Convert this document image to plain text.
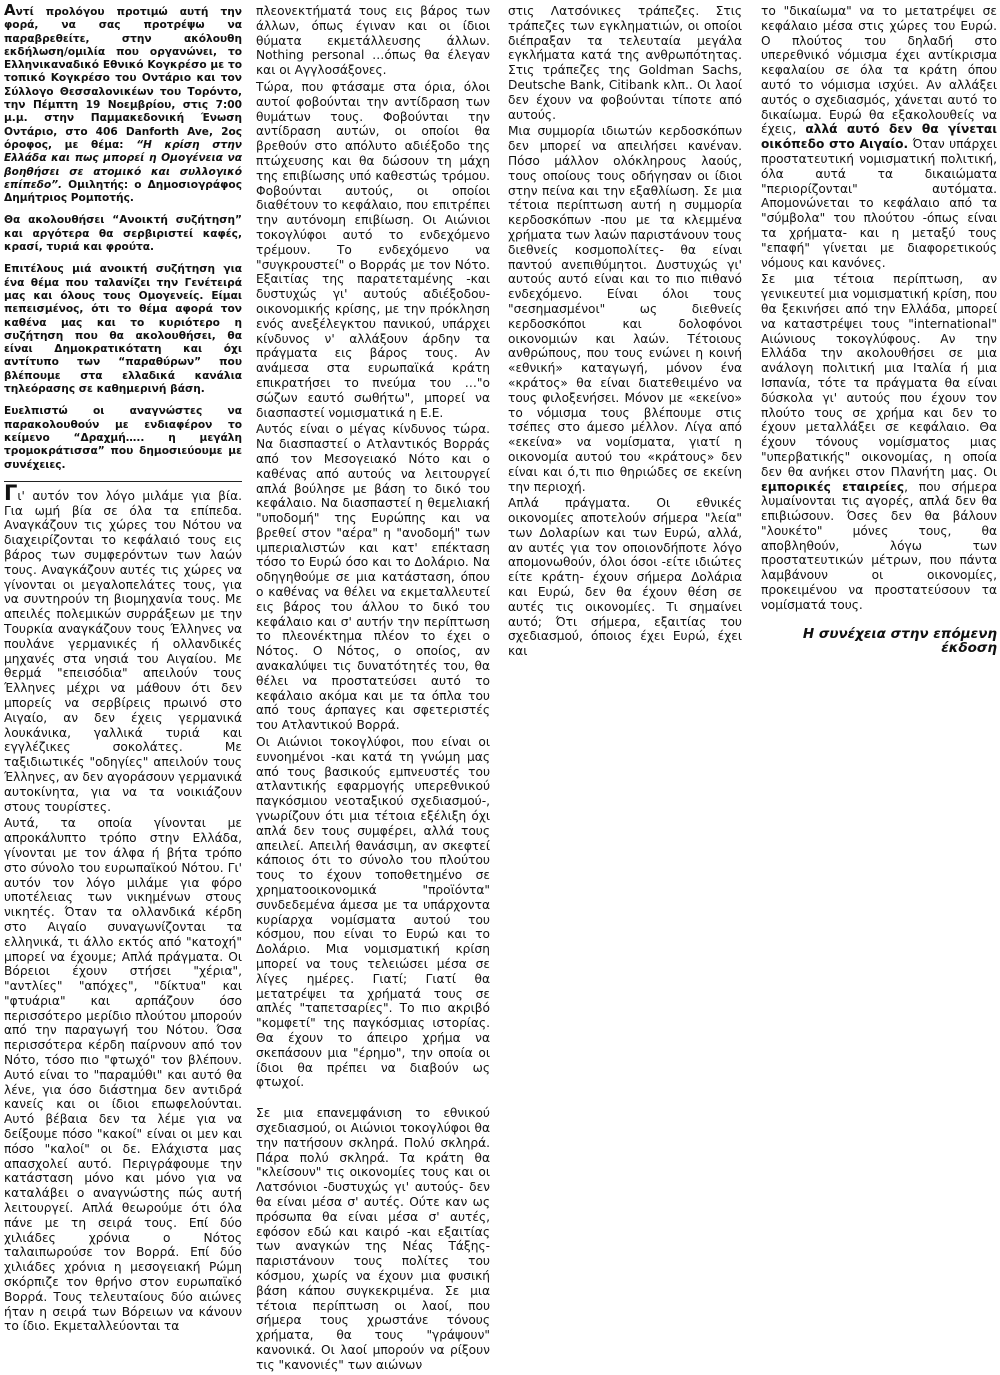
Αντί προλόγου προτιμώ αυτή την φορά, να σας προτρέψω να παραβρεθείτε, στην ακόλουθη εκδήλωση/ομιλία που οργανώνει, το Ελληνικαναδικό Εθνικό Κογκρέσο με το τοπικό Κογκρέσο του Οντάριο και τον Σύλλογο Θεσσαλονικέων του Τορόντο, την Πέμπτη 19 Νοεμβρίου, στις 7:00 μ.μ. στην Παμμακεδονική Ένωση Οντάριο, στο 406 Danforth Ave, 2ος όροφος, με θέμα: “Η κρίση στην Ελλάδα και πως μπορεί η Ομογένεια να βοηθήσει σε ατομικό και συλλογικό επίπεδο”. Ομιλητής: ο Δημοσιογράφος Δημήτριος Ρομποτής.

Θα ακολουθήσει “Ανοικτή συζήτηση” και αργότερα θα σερβιριστεί καφές, κρασί, τυριά και φρούτα.

Επιτέλους μιά ανοικτή συζήτηση για ένα θέμα που ταλανίζει την Γενέτειρά μας και όλους τους Ομογενείς. Είμαι πεπεισμένος, ότι το θέμα αφορά τον καθένα μας και το κυριότερο η συζήτηση που θα ακολουθήσει, θα είναι Δημοκρατικότατη και όχι αντίτυπο των “παραθύρων” που βλέπουμε στα ελλαδικά κανάλια τηλεόρασης σε καθημερινή βάση.

Ευελπιστώ οι αναγνώστες να παρακολουθούν με ενδιαφέρον το κείμενο “Δραχμή….. η μεγάλη τρομοκράτισσα” που δημοσιεύουμε με συνέχειες.

Γι' αυτόν τον λόγο μιλάμε για βία. Για ωμή βία σε όλα τα επίπεδα. Αναγκάζουν τις χώρες του Νότου να διαχειρίζονται το κεφάλαιό τους εις βάρος των συμφερόντων των λαών τους. Αναγκάζουν αυτές τις χώρες να γίνονται οι μεγαλοπελάτες τους, για να συντηρούν τη βιομηχανία τους. Με απειλές πολεμικών συρράξεων με την Τουρκία αναγκάζουν τους Έλληνες να πουλάνε γερμανικές ή ολλανδικές μηχανές στα νησιά του Αιγαίου. Με θερμά "επεισόδια" απειλούν τους Έλληνες μέχρι να μάθουν ότι δεν μπορείς να σερβίρεις πρωινό στο Αιγαίο, αν δεν έχεις γερμανικά λουκάνικα, γαλλικά τυριά και εγγλέζικες σοκολάτες. Με ταξιδιωτικές "οδηγίες" απειλούν τους Έλληνες, αν δεν αγοράσουν γερμανικά αυτοκίνητα, για να τα νοικιάζουν στους τουρίστες.

Αυτά, τα οποία γίνονται με απροκάλυπτο τρόπο στην Ελλάδα, γίνονται με τον άλφα ή βήτα τρόπο στο σύνολο του ευρωπαϊκού Νότου. Γι' αυτόν τον λόγο μιλάμε για φόρο υποτέλειας των νικημένων στους νικητές. Όταν τα ολλανδικά κέρδη στο Αιγαίο συναγωνίζονται τα ελληνικά, τι άλλο εκτός από "κατοχή" μπορεί να έχουμε; Απλά πράγματα. Οι Βόρειοι έχουν στήσει "χέρια", "αντλίες" "απόχες", "δίκτυα" και "φτυάρια" και αρπάζουν όσο περισσότερο μερίδιο πλούτου μπορούν από την παραγωγή του Νότου. Όσα περισσότερα κέρδη παίρνουν από τον Νότο, τόσο πιο "φτωχό" τον βλέπουν. Αυτό είναι το "παραμύθι" και αυτό θα λένε, για όσο διάστημα δεν αντιδρά κανείς και οι ίδιοι επωφελούνται. Αυτό βέβαια δεν τα λέμε για να δείξουμε πόσο "κακοί" είναι οι μεν και πόσο "καλοί" οι δε. Ελάχιστα μας απασχολεί αυτό. Περιγράφουμε την κατάσταση μόνο και μόνο για να καταλάβει ο αναγνώστης πώς αυτή λειτουργεί. Απλά θεωρούμε ότι όλα πάνε με τη σειρά τους. Επί δύο χιλιάδες χρόνια ο Νότος ταλαιπωρούσε τον Βορρά. Επί δύο χιλιάδες χρόνια η μεσογειακή Ρώμη σκόρπιζε τον θρήνο στον ευρωπαϊκό Βορρά. Τους τελευταίους δύο αιώνες ήταν η σειρά των Βόρειων να κάνουν το ίδιο. Εκμεταλλεύονται τα

πλεονεκτήματά τους εις βάρος των άλλων, όπως έγιναν και οι ίδιοι θύματα εκμετάλλευσης άλλων. Nothing personal …όπως θα έλεγαν και οι Αγγλοσάξονες.

Τώρα, που φτάσαμε στα όρια, όλοι αυτοί φοβούνται την αντίδραση των θυμάτων τους. Φοβούνται την αντίδραση αυτών, οι οποίοι θα βρεθούν στο απόλυτο αδιέξοδο της πτώχευσης και θα δώσουν τη μάχη της επιβίωσης υπό καθεστώς τρόμου. Φοβούνται αυτούς, οι οποίοι διαθέτουν το κεφάλαιο, που επιτρέπει την αυτόνομη επιβίωση. Οι Αιώνιοι τοκογλύφοι αυτό το ενδεχόμενο τρέμουν. Το ενδεχόμενο να "συγκρουστεί" ο Βορράς με τον Νότο. Εξαιτίας της παρατεταμένης -και δυστυχώς γι' αυτούς αδιέξοδου- οικονομικής κρίσης, με την πρόκληση ενός ανεξέλεγκτου πανικού, υπάρχει κίνδυνος ν' αλλάξουν άρδην τα πράγματα εις βάρος τους. Αν ανάμεσα στα ευρωπαϊκά κράτη επικρατήσει το πνεύμα του …"ο σώζων εαυτό σωθήτω", μπορεί να διασπαστεί νομισματικά η Ε.Ε.

Αυτός είναι ο μέγας κίνδυνος τώρα. Να διασπαστεί ο Ατλαντικός Βορράς από τον Μεσογειακό Νότο και ο καθένας από αυτούς να λειτουργεί απλά βούλησε με βάση το δικό του κεφάλαιο. Να διασπαστεί η θεμελιακή "υποδομή" της Ευρώπης και να βρεθεί στον "αέρα" η "ανοδομή" των ιμπεριαλιστών και κατ' επέκταση τόσο το Ευρώ όσο και το Δολάριο. Να οδηγηθούμε σε μια κατάσταση, όπου ο καθένας να θέλει να εκμεταλλευτεί εις βάρος του άλλου το δικό του κεφάλαιο και σ' αυτήν την περίπτωση το πλεονέκτημα πλέον το έχει ο Νότος. Ο Νότος, ο οποίος, αν ανακαλύψει τις δυνατότητές του, θα θέλει να προστατεύσει αυτό το κεφάλαιο ακόμα και με τα όπλα του από τους άρπαγες και σφετεριστές του Ατλαντικού Βορρά.

Οι Αιώνιοι τοκογλύφοι, που είναι οι ευνοημένοι -και κατά τη γνώμη μας από τους βασικούς εμπνευστές του ατλαντικής εφαρμογής υπερεθνικού παγκόσμιου νεοταξικού σχεδιασμού-, γνωρίζουν ότι μια τέτοια εξέλιξη όχι απλά δεν τους συμφέρει, αλλά τους απειλεί. Απειλή θανάσιμη, αν σκεφτεί κάποιος ότι το σύνολο του πλούτου τους το έχουν τοποθετημένο σε χρηματοοικονομικά "προϊόντα" συνδεδεμένα άμεσα με τα υπάρχοντα κυρίαρχα νομίσματα αυτού του κόσμου, που είναι το Ευρώ και το Δολάριο. Μια νομισματική κρίση μπορεί να τους τελειώσει μέσα σε λίγες ημέρες. Γιατί; Γιατί θα μετατρέψει τα χρήματά τους σε απλές "ταπετσαρίες". Το πιο ακριβό "κομφετί" της παγκόσμιας ιστορίας. Θα έχουν το άπειρο χρήμα να σκεπάσουν μια "έρημο", την οποία οι ίδιοι θα πρέπει να διαβούν ως φτωχοί.

Σε μια επανεμφάνιση το εθνικού σχεδιασμού, οι Αιώνιοι τοκογλύφοι θα την πατήσουν σκληρά. Πολύ σκληρά. Πάρα πολύ σκληρά. Τα κράτη θα "κλείσουν" τις οικονομίες τους και οι Λατσόνιοι -δυστυχώς γι' αυτούς- δεν θα είναι μέσα σ' αυτές. Ούτε καν ως πρόσωπα θα είναι μέσα σ' αυτές, εφόσον εδώ και καιρό -και εξαιτίας των αναγκών της Νέας Τάξης- παριστάνουν τους πολίτες του κόσμου, χωρίς να έχουν μια φυσική βάση κάπου συγκεκριμένα. Σε μια τέτοια περίπτωση οι λαοί, που σήμερα τους χρωστάνε τόνους χρήματα, θα τους "γράψουν" κανονικά. Οι λαοί μπορούν να ρίξουν τις "κανονιές" των αιώνων

στις Λατσόνικες τράπεζες. Στις τράπεζες των εγκληματιών, οι οποίοι διέπραξαν τα τελευταία μεγάλα εγκλήματα κατά της ανθρωπότητας. Στις τράπεζες της Goldman Sachs, Deutsche Bank, Citibank κλπ.. Οι λαοί δεν έχουν να φοβούνται τίποτε από αυτούς.

Μια συμμορία ιδιωτών κερδοσκόπων δεν μπορεί να απειλήσει κανέναν. Πόσο μάλλον ολόκληρους λαούς, τους οποίους τους οδήγησαν οι ίδιοι στην πείνα και την εξαθλίωση. Σε μια τέτοια περίπτωση αυτή η συμμορία κερδοσκόπων -που με τα κλεμμένα χρήματα των λαών παριστάνουν τους διεθνείς κοσμοπολίτες- θα είναι παντού ανεπιθύμητοι. Δυστυχώς γι' αυτούς αυτό είναι και το πιο πιθανό ενδεχόμενο. Είναι όλοι τους "σεσημασμένοι" ως διεθνείς κερδοσκόποι και δολοφόνοι οικονομιών και λαών. Τέτοιους ανθρώπους, που τους ενώνει η κοινή «εθνική» καταγωγή, μόνον ένα «κράτος» θα είναι διατεθειμένο να τους φιλοξενήσει. Μόνον με «εκείνο» το νόμισμα τους βλέπουμε στις τσέπες στο άμεσο μέλλον. Λίγα από «εκείνα» να νομίσματα, γιατί η οικονομία αυτού του «κράτους» δεν είναι και ό,τι πιο θηριώδες σε εκείνη την περιοχή.

Απλά πράγματα. Οι εθνικές οικονομίες αποτελούν σήμερα "λεία" των Δολαρίων και των Ευρώ, αλλά, αν αυτές για τον οποιονδήποτε λόγο απομονωθούν, όλοι όσοι -είτε ιδιώτες είτε κράτη- έχουν σήμερα Δολάρια και Ευρώ, δεν θα έχουν θέση σε αυτές τις οικονομίες. Τι σημαίνει αυτό; Ότι σήμερα, εξαιτίας του σχεδιασμού, όποιος έχει Ευρώ, έχει και

το "δικαίωμα" να το μετατρέψει σε κεφάλαιο μέσα στις χώρες του Ευρώ. Ο πλούτος του δηλαδή στο υπερεθνικό νόμισμα έχει αντίκρισμα κεφαλαίου σε όλα τα κράτη όπου αυτό το νόμισμα ισχύει. Αν αλλάξει αυτός ο σχεδιασμός, χάνεται αυτό το δικαίωμα. Ευρώ θα εξακολουθείς να έχεις, αλλά αυτό δεν θα γίνεται οικόπεδο στο Αιγαίο. Όταν υπάρχει προστατευτική νομισματική πολιτική, όλα αυτά τα δικαιώματα "περιορίζονται" αυτόματα. Απομονώνεται το κεφάλαιο από τα "σύμβολα" του πλούτου -όπως είναι τα χρήματα- και η μεταξύ τους "επαφή" γίνεται με διαφορετικούς νόμους και κανόνες.

Σε μια τέτοια περίπτωση, αν γενικευτεί μια νομισματική κρίση, που θα ξεκινήσει από την Ελλάδα, μπορεί να καταστρέψει τους "international" Αιώνιους τοκογλύφους. Αν την Ελλάδα την ακολουθήσει σε μια ανάλογη πολιτική μια Ιταλία ή μια Ισπανία, τότε τα πράγματα θα είναι δύσκολα γι' αυτούς που έχουν τον πλούτο τους σε χρήμα και δεν το έχουν μεταλλάξει σε κεφάλαιο. Θα έχουν τόνους νομίσματος μιας "υπερβατικής" οικονομίας, η οποία δεν θα ανήκει στον Πλανήτη μας. Οι εμπορικές εταιρείες, που σήμερα λυμαίνονται τις αγορές, απλά δεν θα επιβιώσουν. Όσες δεν θα βάλουν "λουκέτο" μόνες τους, θα αποβληθούν, λόγω των προστατευτικών μέτρων, που πάντα λαμβάνουν οι οικονομίες, προκειμένου να προστατεύσουν τα νομίσματά τους.

Η συνέχεια στην επόμενη έκδοση
